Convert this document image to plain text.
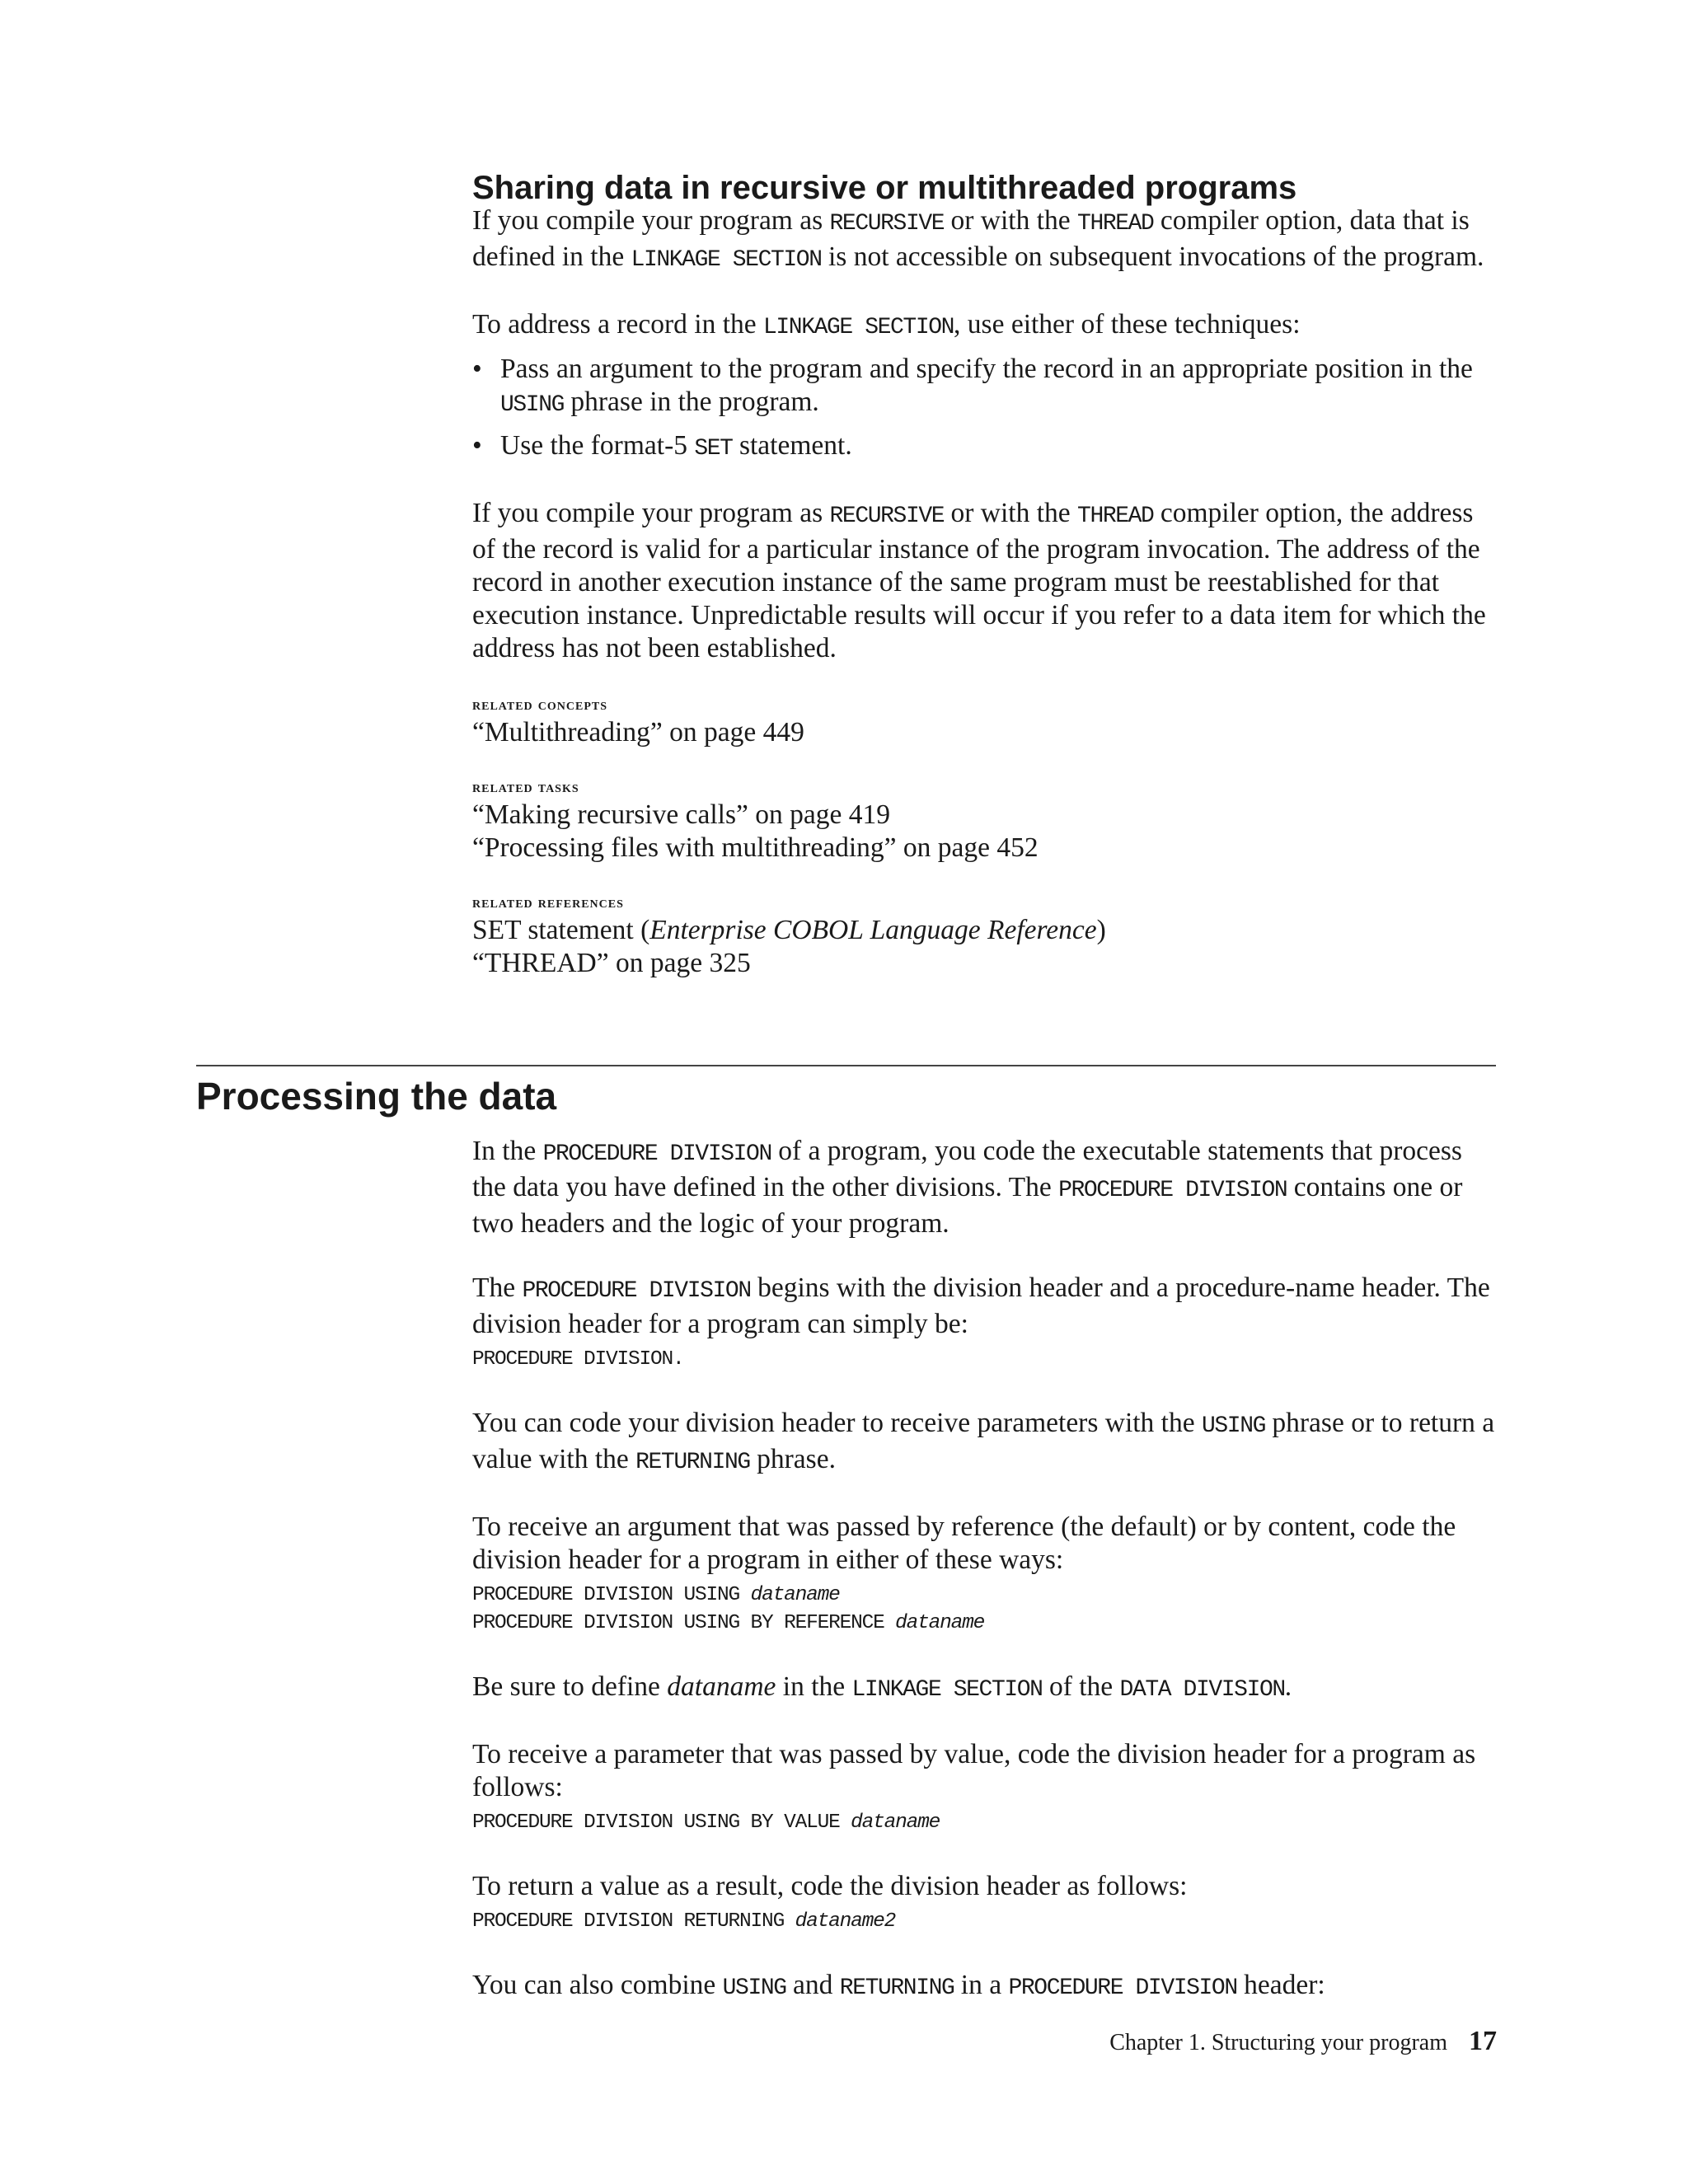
Sharing data in recursive or multithreaded programs

If you compile your program as RECURSIVE or with the THREAD compiler option, data that is defined in the LINKAGE SECTION is not accessible on subsequent invocations of the program.

To address a record in the LINKAGE SECTION, use either of these techniques:

• Pass an argument to the program and specify the record in an appropriate position in the USING phrase in the program.
• Use the format-5 SET statement.

If you compile your program as RECURSIVE or with the THREAD compiler option, the address of the record is valid for a particular instance of the program invocation. The address of the record in another execution instance of the same program must be reestablished for that execution instance. Unpredictable results will occur if you refer to a data item for which the address has not been established.

related concepts

“Multithreading” on page 449

related tasks

“Making recursive calls” on page 419

“Processing files with multithreading” on page 452

related references

SET statement (Enterprise COBOL Language Reference)

“THREAD” on page 325

Processing the data

In the PROCEDURE DIVISION of a program, you code the executable statements that process the data you have defined in the other divisions. The PROCEDURE DIVISION contains one or two headers and the logic of your program.

The PROCEDURE DIVISION begins with the division header and a procedure-name header. The division header for a program can simply be:

PROCEDURE DIVISION.

You can code your division header to receive parameters with the USING phrase or to return a value with the RETURNING phrase.

To receive an argument that was passed by reference (the default) or by content, code the division header for a program in either of these ways:

PROCEDURE DIVISION USING dataname

PROCEDURE DIVISION USING BY REFERENCE dataname

Be sure to define dataname in the LINKAGE SECTION of the DATA DIVISION.

To receive a parameter that was passed by value, code the division header for a program as follows:

PROCEDURE DIVISION USING BY VALUE dataname

To return a value as a result, code the division header as follows:

PROCEDURE DIVISION RETURNING dataname2

You can also combine USING and RETURNING in a PROCEDURE DIVISION header:

Chapter 1. Structuring your program 17
